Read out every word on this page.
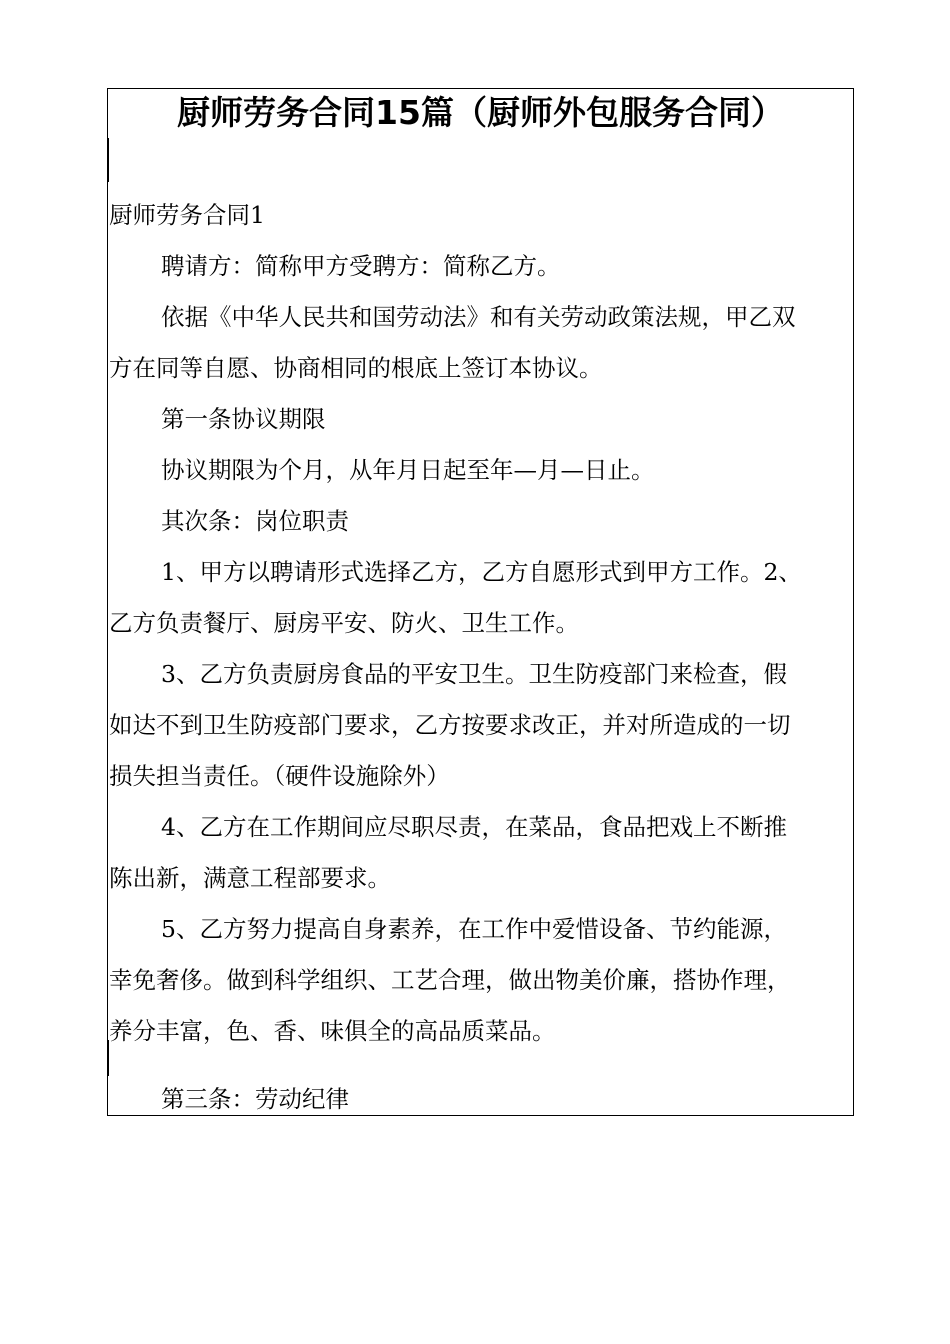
厨师劳务合同15篇（厨师外包服务合同）

厨师劳务合同1

聘请方：简称甲方受聘方：简称乙方。

依据《中华人民共和国劳动法》和有关劳动政策法规，甲乙双
方在同等自愿、协商相同的根底上签订本协议。

第一条协议期限

协议期限为个月，从年月日起至年—月—日止。

其次条：岗位职责

1、甲方以聘请形式选择乙方，乙方自愿形式到甲方工作。2、
乙方负责餐厅、厨房平安、防火、卫生工作。

3、乙方负责厨房食品的平安卫生。卫生防疫部门来检查，假
如达不到卫生防疫部门要求，乙方按要求改正，并对所造成的一切
损失担当责任。（硬件设施除外）

4、乙方在工作期间应尽职尽责，在菜品，食品把戏上不断推
陈出新，满意工程部要求。

5、乙方努力提高自身素养，在工作中爱惜设备、节约能源，
幸免奢侈。做到科学组织、工艺合理，做出物美价廉，搭协作理，
养分丰富，色、香、味俱全的高品质菜品。

第三条：劳动纪律
